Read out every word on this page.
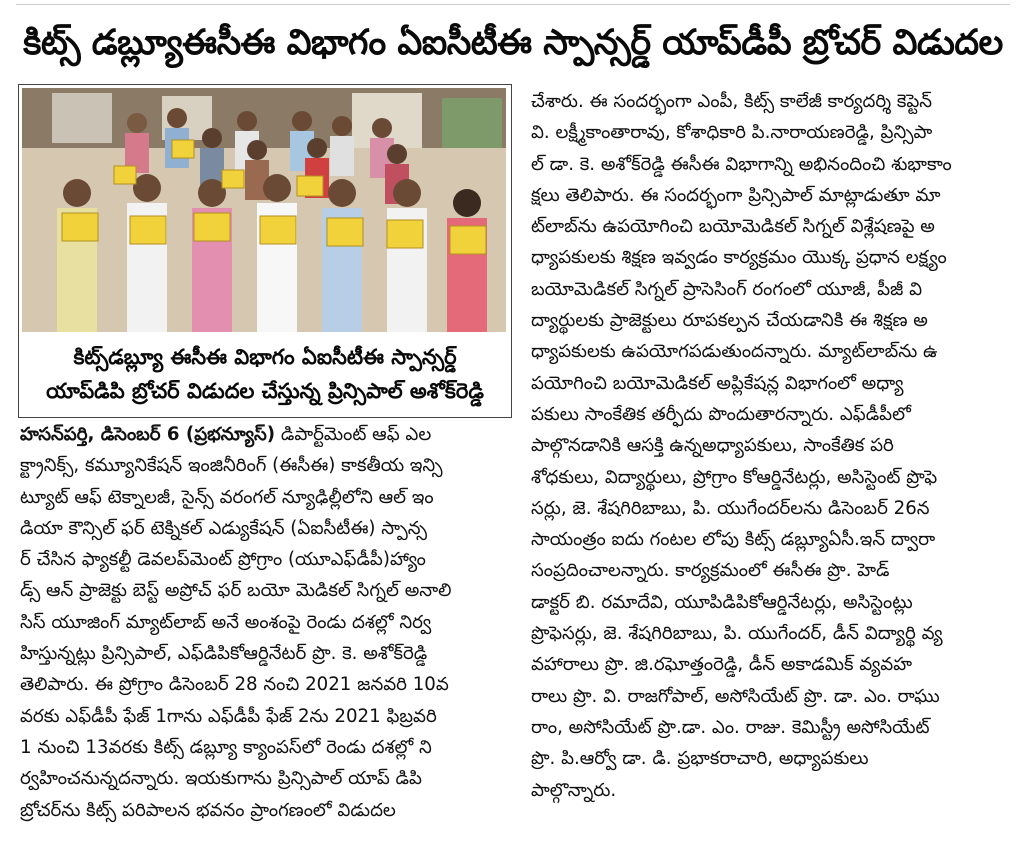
కిట్స్ డబ్ల్యూఈసీఈ విభాగం ఏఐసీటీఈ స్పాన్సర్డ్ యాప్‌డీపీ బ్రోచర్ విడుదల
కిట్స్‌డబ్ల్యూ ఈసీఈ విభాగం ఏఐసీటీఈ స్పాన్సర్డ్
యాప్‌డిపి బ్రోచర్ విడుదల చేస్తున్న ప్రిన్సిపాల్ అశోక్‌రెడ్డి
హసన్‌పర్తి, డిసెంబర్ 6 (ప్రభన్యూస్) డిపార్ట్‌మెంట్ ఆఫ్ ఎల
క్ట్రానిక్స్, కమ్యూనికేషన్ ఇంజినీరింగ్ (ఈసీఈ) కాకతీయ ఇన్సి
ట్యూట్ ఆఫ్ టెక్నాలజీ, సైన్స్ వరంగల్ న్యూఢిల్లీలోని ఆల్ ఇం
డియా కౌన్సిల్ ఫర్ టెక్నికల్ ఎడ్యుకేషన్ (ఏఐసీటీఈ) స్పాన్స
ర్ చేసిన ఫ్యాకల్టీ డెవలప్‌మెంట్ ప్రోగ్రాం (యూఎఫ్‌డీపీ)హ్యాం
డ్స్ ఆన్ ప్రాజెక్టు బెస్ట్ అప్రోచ్ ఫర్ బయో మెడికల్ సిగ్నల్ అనాలి
సిస్ యూజింగ్ మ్యాట్‌లాబ్ అనే అంశంపై రెండు దశల్లో నిర్వ
హిస్తున్నట్లు ప్రిన్సిపాల్, ఎఫ్‌డిపికోఆర్డినేటర్ ప్రొ. కె. అశోక్‌రెడ్డి
తెలిపారు. ఈ ప్రోగ్రాం డిసెంబర్ 28 నంచి 2021 జనవరి 10వ
వరకు ఎఫ్‌డీపీ ఫేజ్ 1గాను ఎఫ్‌డీపీ ఫేజ్ 2ను 2021 ఫిబ్రవరి
1 నుంచి 13వరకు కిట్స్ డబ్ల్యూ క్యాంపస్‌లో రెండు దశల్లో ని
ర్వహించనున్నదన్నారు. ఇయకుగాను ప్రిన్సిపాల్ యాప్ డిపి
బ్రోచర్‌ను కిట్స్ పరిపాలన భవనం ప్రాంగణంలో విడుదల
చేశారు. ఈ సందర్భంగా ఎంపీ, కిట్స్ కాలేజీ కార్యదర్శి కెప్టెన్
వి. లక్ష్మీకాంతారావు, కోశాధికారి పి.నారాయణరెడ్డి, ప్రిన్సిపా
ల్ డా. కె. అశోక్‌రెడ్డి ఈసీఈ విభాగాన్ని అభినందించి శుభాకాం
క్షలు తెలిపారు. ఈ సందర్భంగా ప్రిన్సిపాల్ మాట్లాడుతూ మా
ట్‌లాబ్‌ను ఉపయోగించి బయోమెడికల్ సిగ్నల్ విశ్లేషణపై అ
ధ్యాపకులకు శిక్షణ ఇవ్వడం కార్యక్రమం యొక్క ప్రధాన లక్ష్యం
బయోమెడికల్ సిగ్నల్ ప్రాసెసింగ్ రంగంలో యూజీ, పీజీ వి
ద్యార్థులకు ప్రాజెక్టులు రూపకల్పన చేయడానికి ఈ శిక్షణ అ
ధ్యాపకులకు ఉపయోగపడుతుందన్నారు. మ్యాట్‌లాబ్‌ను ఉ
పయోగించి బయోమెడికల్ అప్లికేషన్ల విభాగంలో అధ్యా
పకులు సాంకేతిక తర్ఫీదు పొందుతారన్నారు. ఎఫ్‌డీపీలో
పాల్గొనడానికి ఆసక్తి ఉన్నఅధ్యాపకులు, సాంకేతిక పరి
శోధకులు, విద్యార్థులు, ప్రోగ్రాం కోఆర్డినేటర్లు, అసిస్టెంట్ ప్రొఫె
సర్లు, జె. శేషగిరిబాబు, పి. యుగేందర్‌లను డిసెంబర్ 26న
సాయంత్రం ఐదు గంటల లోపు కిట్స్ డబ్ల్యూఏసీ.ఇన్ ద్వారా
సంప్రదించాలన్నారు. కార్యక్రమంలో ఈసీఈ ప్రొ. హెడ్
డాక్టర్ బి. రమాదేవి, యూపిడిపికోఆర్డినేటర్లు, అసిస్టెంట్లు
ప్రొఫెసర్లు, జె. శేషగిరిబాబు, పి. యుగేందర్, డీన్ విద్యార్థి వ్య
వహారాలు ప్రొ. జి.రఘోత్తంరెడ్డి, డీన్ అకాడమిక్ వ్యవహ
రాలు ప్రొ. వి. రాజగోపాల్, అసోసియేట్ ప్రొ. డా. ఎం. రాఘు
రాం, అసోసియేట్ ప్రొ.డా. ఎం. రాజు. కెమిస్ట్రీ అసోసియేట్
ప్రొ. పి.ఆర్వో డా. డి. ప్రభాకరాచారి, అధ్యాపకులు
పాల్గొన్నారు.
